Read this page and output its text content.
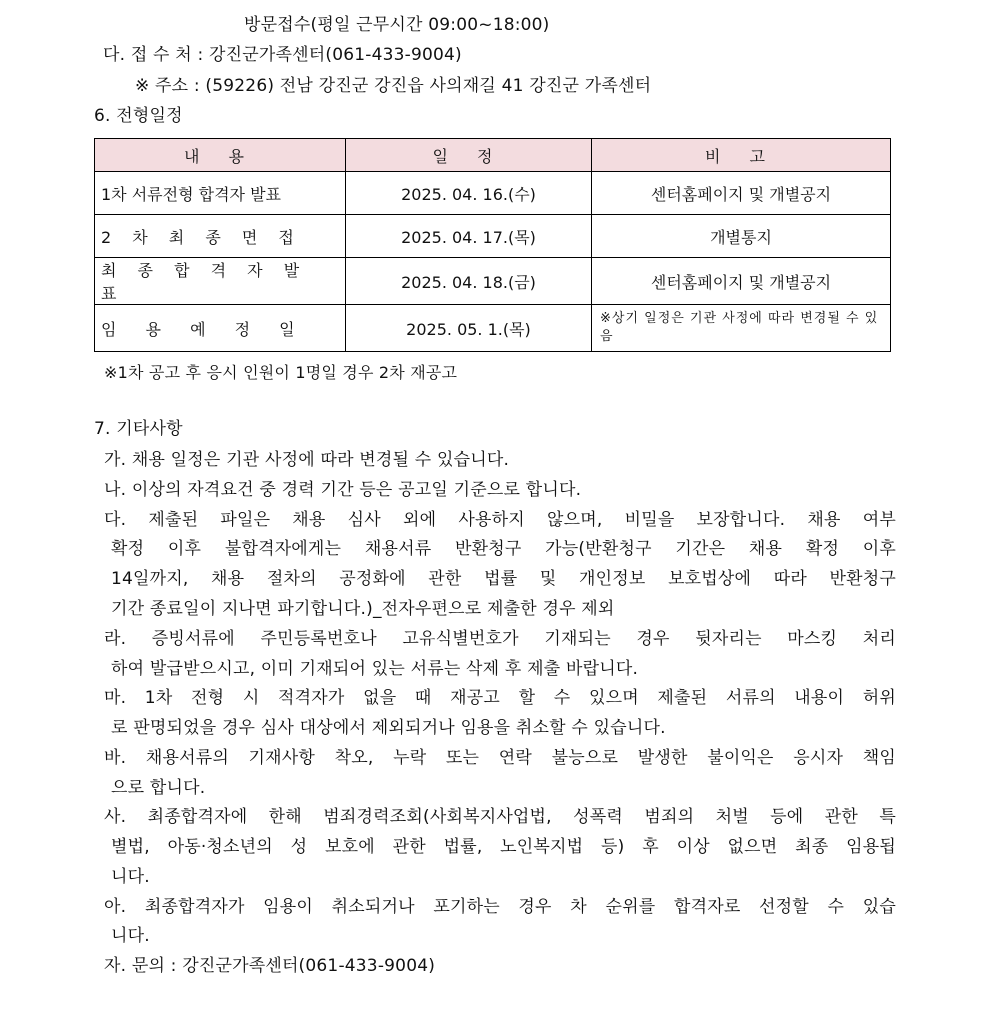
방문접수(평일 근무시간 09:00~18:00)
다. 접 수 처 : 강진군가족센터(061-433-9004)
※ 주소 : (59226) 전남 강진군 강진읍 사의재길 41 강진군 가족센터
6. 전형일정
내 용	일 정	비 고
1차 서류전형 합격자 발표	2025. 04. 16.(수)	센터홈페이지 및 개별공지
2 차 최 종 면 접	2025. 04. 17.(목)	개별통지
최 종 합 격 자 발 표	2025. 04. 18.(금)	센터홈페이지 및 개별공지
임 용 예 정 일	2025. 05. 1.(목)	※상기 일정은 기관 사정에 따라 변경될 수 있음
※1차 공고 후 응시 인원이 1명일 경우 2차 재공고
7. 기타사항
가. 채용 일정은 기관 사정에 따라 변경될 수 있습니다.
나. 이상의 자격요건 중 경력 기간 등은 공고일 기준으로 합니다.
다. 제출된 파일은 채용 심사 외에 사용하지 않으며, 비밀을 보장합니다. 채용 여부
확정 이후 불합격자에게는 채용서류 반환청구 가능(반환청구 기간은 채용 확정 이후
14일까지, 채용 절차의 공정화에 관한 법률 및 개인정보 보호법상에 따라 반환청구
기간 종료일이 지나면 파기합니다.)_전자우편으로 제출한 경우 제외
라. 증빙서류에 주민등록번호나 고유식별번호가 기재되는 경우 뒷자리는 마스킹 처리
하여 발급받으시고, 이미 기재되어 있는 서류는 삭제 후 제출 바랍니다.
마. 1차 전형 시 적격자가 없을 때 재공고 할 수 있으며 제출된 서류의 내용이 허위
로 판명되었을 경우 심사 대상에서 제외되거나 임용을 취소할 수 있습니다.
바. 채용서류의 기재사항 착오, 누락 또는 연락 불능으로 발생한 불이익은 응시자 책임
으로 합니다.
사. 최종합격자에 한해 범죄경력조회(사회복지사업법, 성폭력 범죄의 처벌 등에 관한 특
별법, 아동·청소년의 성 보호에 관한 법률, 노인복지법 등) 후 이상 없으면 최종 임용됩
니다.
아. 최종합격자가 임용이 취소되거나 포기하는 경우 차 순위를 합격자로 선정할 수 있습
니다.
자. 문의 : 강진군가족센터(061-433-9004)
